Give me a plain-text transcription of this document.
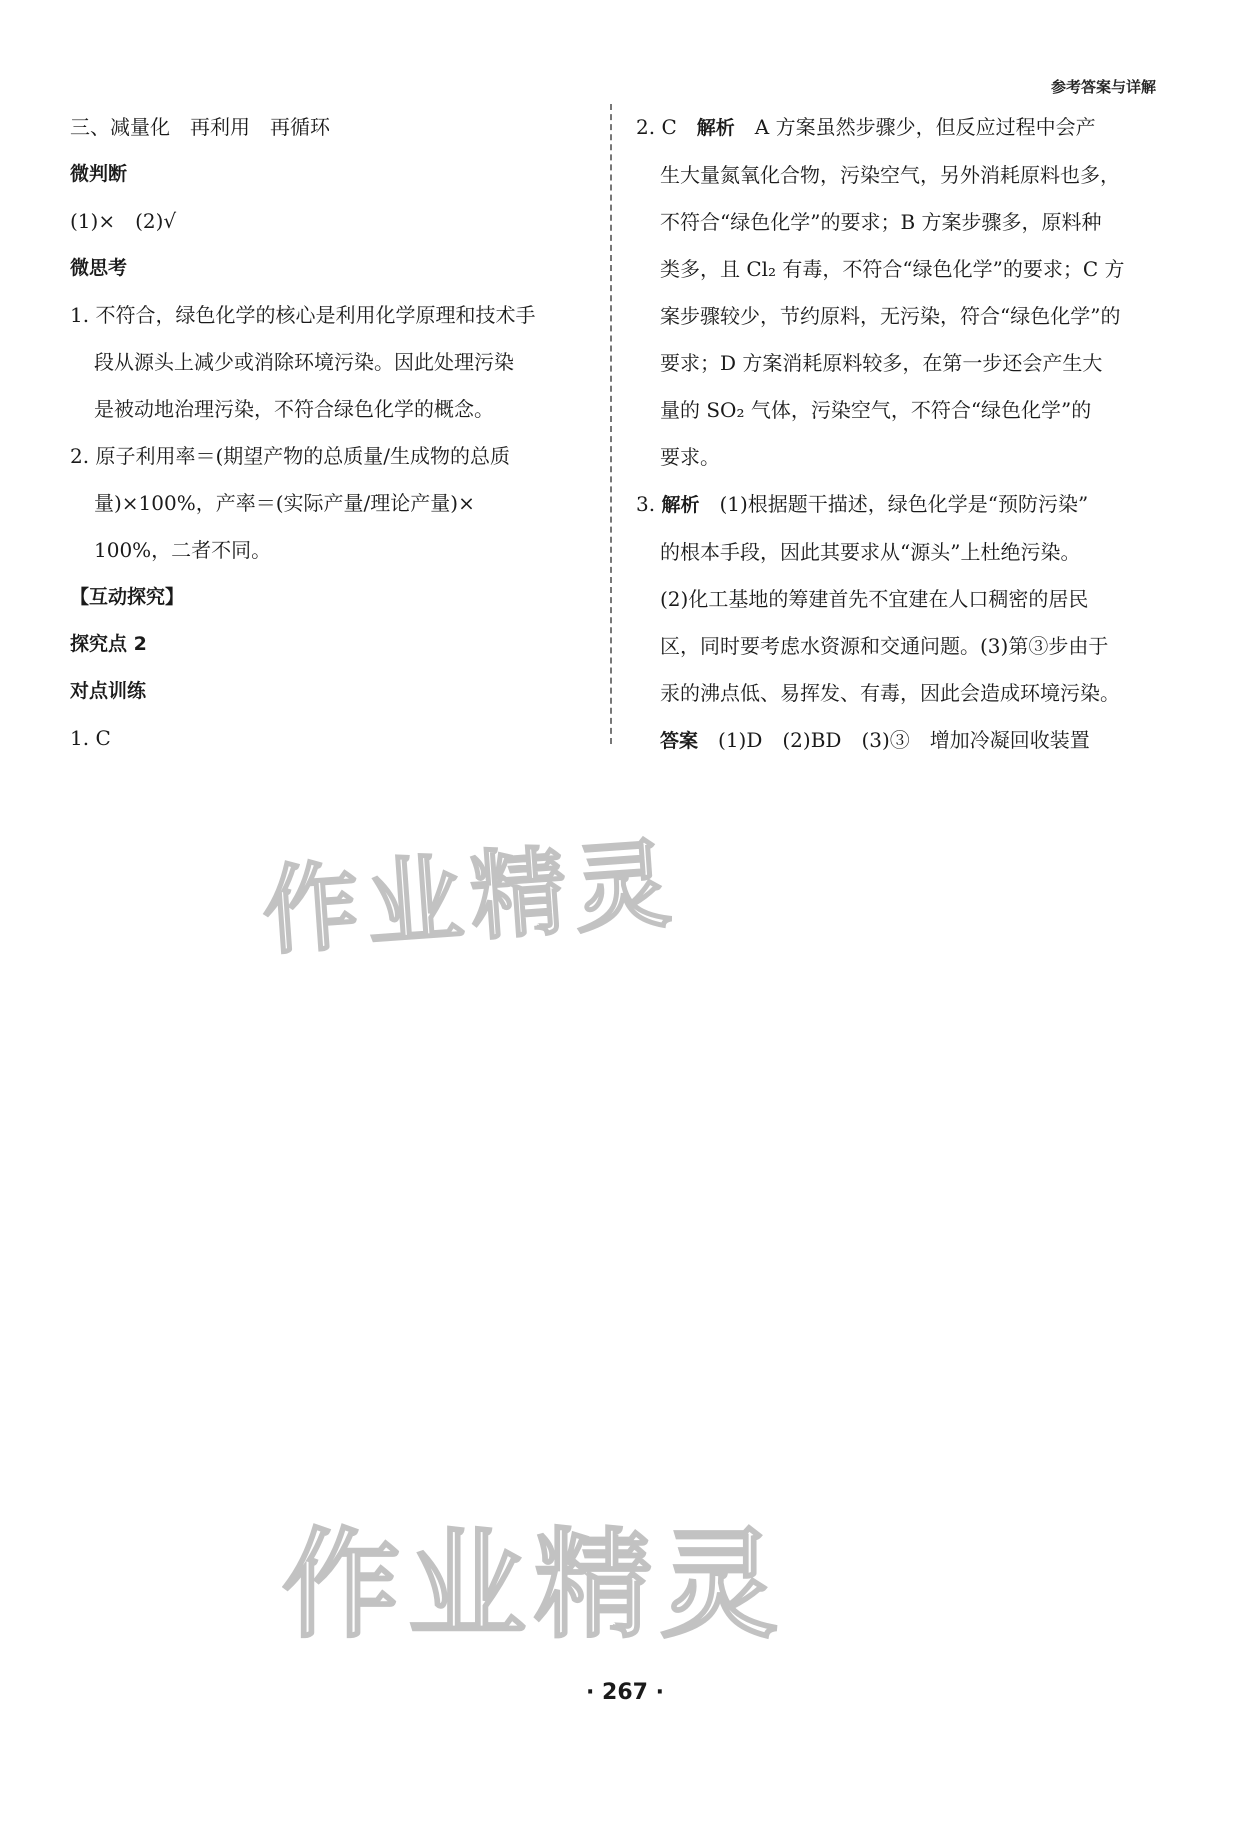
参考答案与详解
三、减量化　再利用　再循环
微判断
(1)×　(2)√
微思考
1. 不符合，绿色化学的核心是利用化学原理和技术手
段从源头上减少或消除环境污染。因此处理污染
是被动地治理污染，不符合绿色化学的概念。
2. 原子利用率＝(期望产物的总质量/生成物的总质
量)×100%，产率＝(实际产量/理论产量)×
100%，二者不同。
【互动探究】
探究点 2
对点训练
1. C
2. C　解析　A 方案虽然步骤少，但反应过程中会产
生大量氮氧化合物，污染空气，另外消耗原料也多，
不符合“绿色化学”的要求；B 方案步骤多，原料种
类多，且 Cl₂ 有毒，不符合“绿色化学”的要求；C 方
案步骤较少，节约原料，无污染，符合“绿色化学”的
要求；D 方案消耗原料较多，在第一步还会产生大
量的 SO₂ 气体，污染空气，不符合“绿色化学”的
要求。
3. 解析　(1)根据题干描述，绿色化学是“预防污染”
的根本手段，因此其要求从“源头”上杜绝污染。
(2)化工基地的筹建首先不宜建在人口稠密的居民
区，同时要考虑水资源和交通问题。(3)第③步由于
汞的沸点低、易挥发、有毒，因此会造成环境污染。
答案　(1)D　(2)BD　(3)③　增加冷凝回收装置
作业精灵
作业精灵
· 267 ·
